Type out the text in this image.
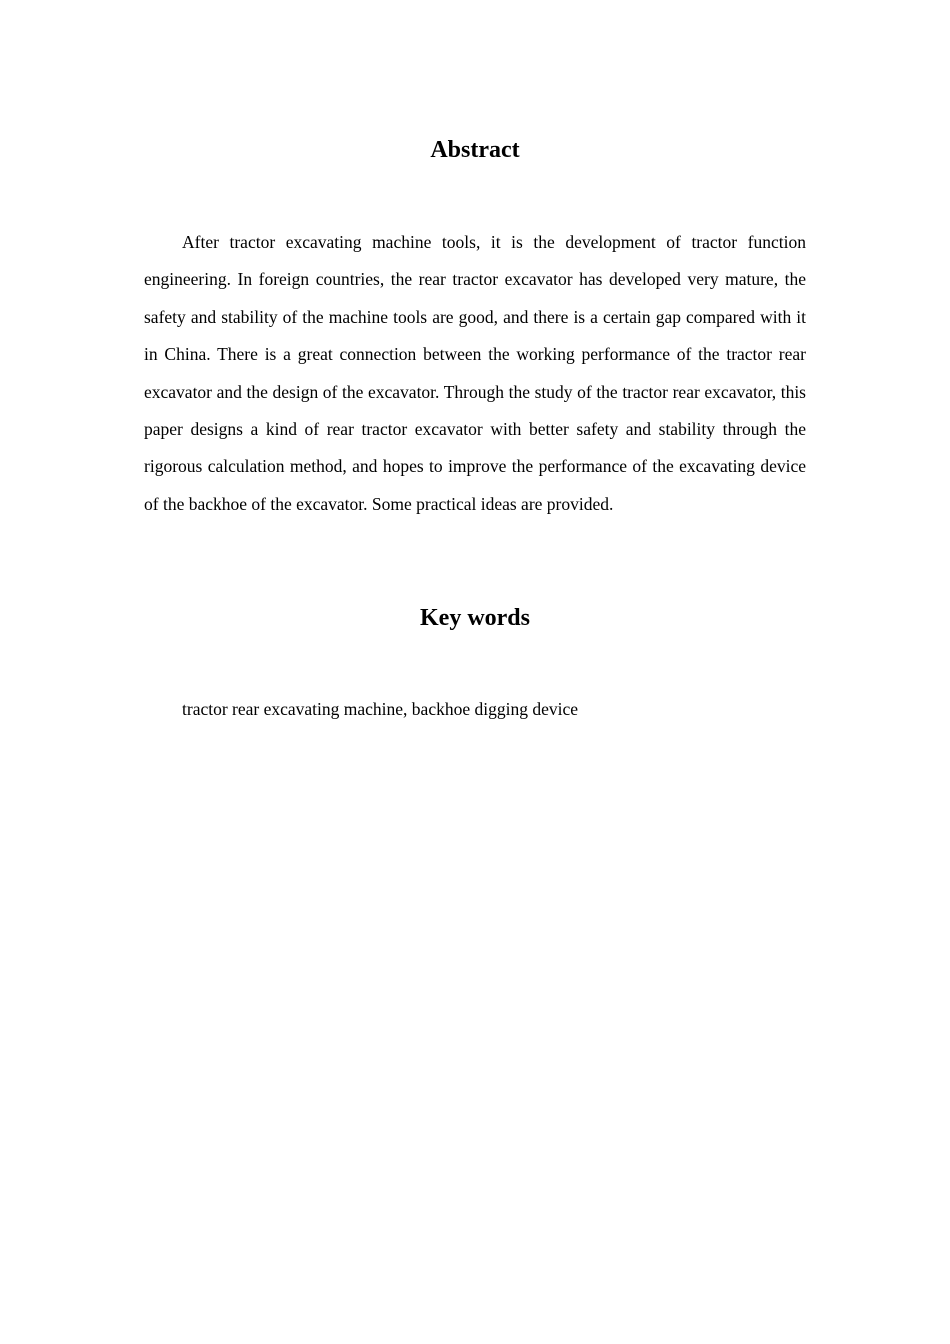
Abstract

After tractor excavating machine tools, it is the development of tractor function engineering. In foreign countries, the rear tractor excavator has developed very mature, the safety and stability of the machine tools are good, and there is a certain gap compared with it in China. There is a great connection between the working performance of the tractor rear excavator and the design of the excavator. Through the study of the tractor rear excavator, this paper designs a kind of rear tractor excavator with better safety and stability through the rigorous calculation method, and hopes to improve the performance of the excavating device of the backhoe of the excavator. Some practical ideas are provided.

Key words

tractor rear excavating machine, backhoe digging device
